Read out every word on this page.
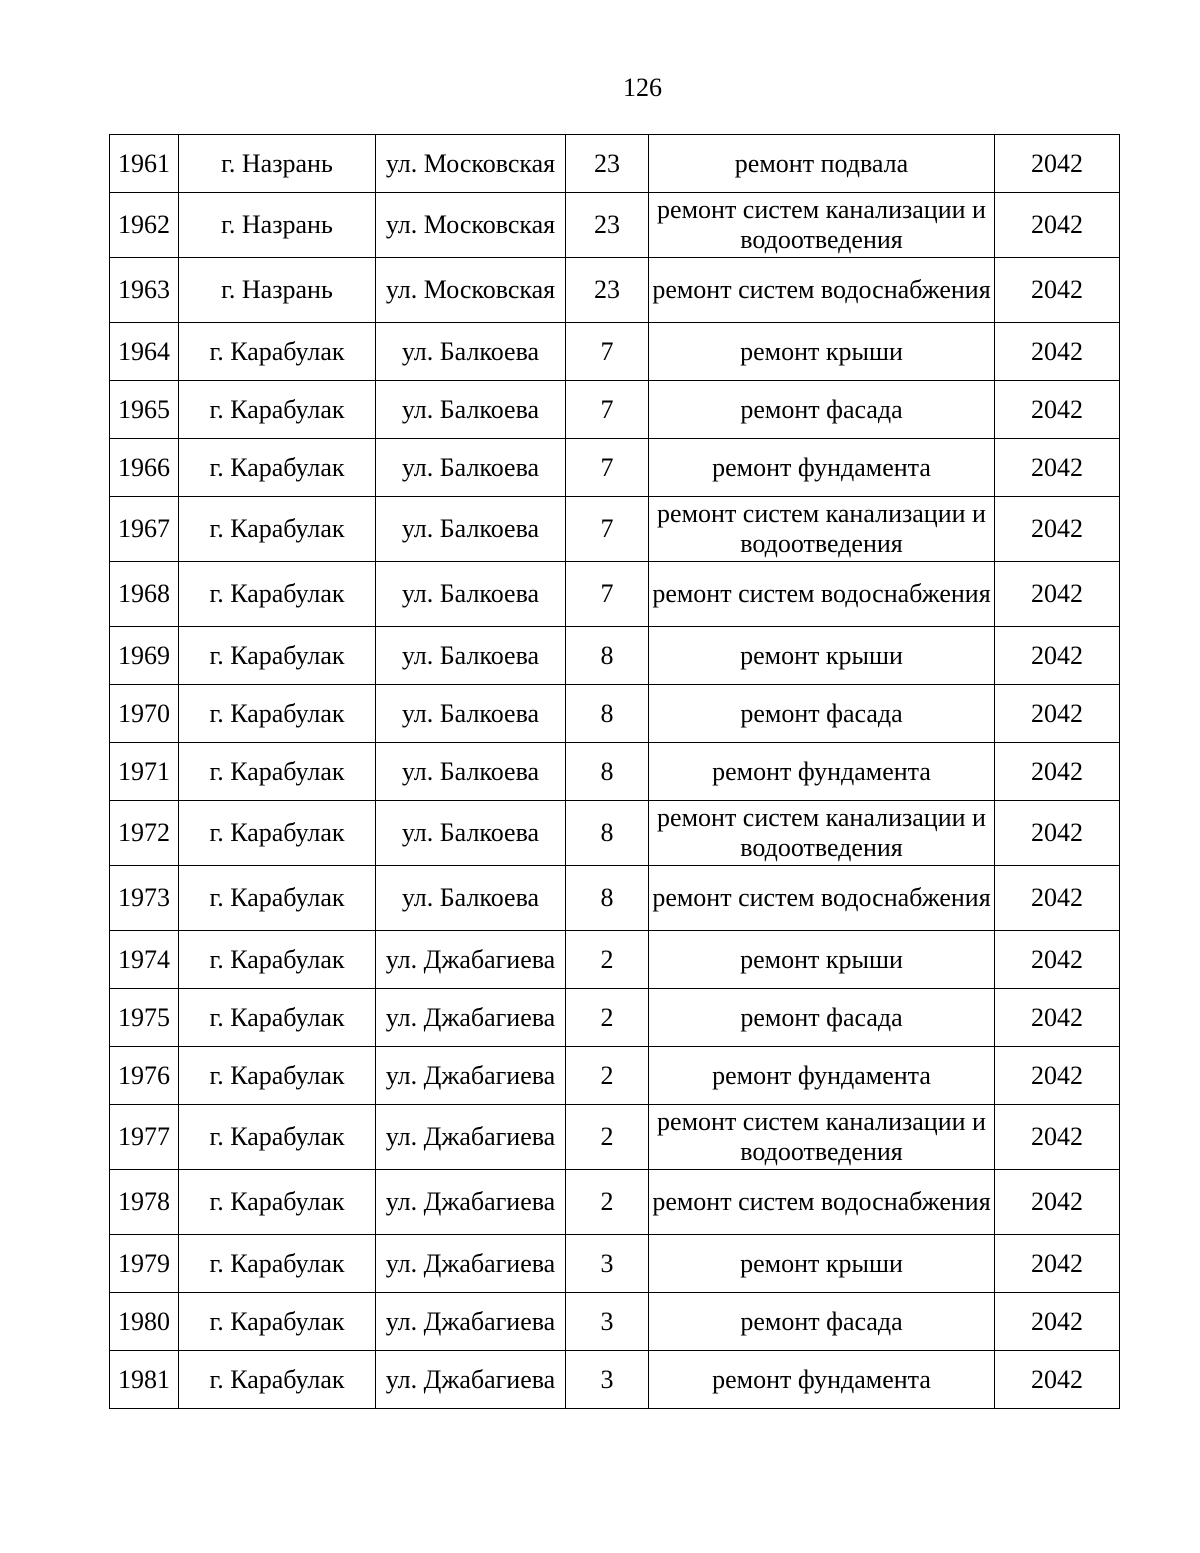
126
1961	г. Назрань	ул. Московская	23	ремонт подвала	2042
1962	г. Назрань	ул. Московская	23	ремонт систем канализации и водоотведения	2042
1963	г. Назрань	ул. Московская	23	ремонт систем водоснабжения	2042
1964	г. Карабулак	ул. Балкоева	7	ремонт крыши	2042
1965	г. Карабулак	ул. Балкоева	7	ремонт фасада	2042
1966	г. Карабулак	ул. Балкоева	7	ремонт фундамента	2042
1967	г. Карабулак	ул. Балкоева	7	ремонт систем канализации и водоотведения	2042
1968	г. Карабулак	ул. Балкоева	7	ремонт систем водоснабжения	2042
1969	г. Карабулак	ул. Балкоева	8	ремонт крыши	2042
1970	г. Карабулак	ул. Балкоева	8	ремонт фасада	2042
1971	г. Карабулак	ул. Балкоева	8	ремонт фундамента	2042
1972	г. Карабулак	ул. Балкоева	8	ремонт систем канализации и водоотведения	2042
1973	г. Карабулак	ул. Балкоева	8	ремонт систем водоснабжения	2042
1974	г. Карабулак	ул. Джабагиева	2	ремонт крыши	2042
1975	г. Карабулак	ул. Джабагиева	2	ремонт фасада	2042
1976	г. Карабулак	ул. Джабагиева	2	ремонт фундамента	2042
1977	г. Карабулак	ул. Джабагиева	2	ремонт систем канализации и водоотведения	2042
1978	г. Карабулак	ул. Джабагиева	2	ремонт систем водоснабжения	2042
1979	г. Карабулак	ул. Джабагиева	3	ремонт крыши	2042
1980	г. Карабулак	ул. Джабагиева	3	ремонт фасада	2042
1981	г. Карабулак	ул. Джабагиева	3	ремонт фундамента	2042
